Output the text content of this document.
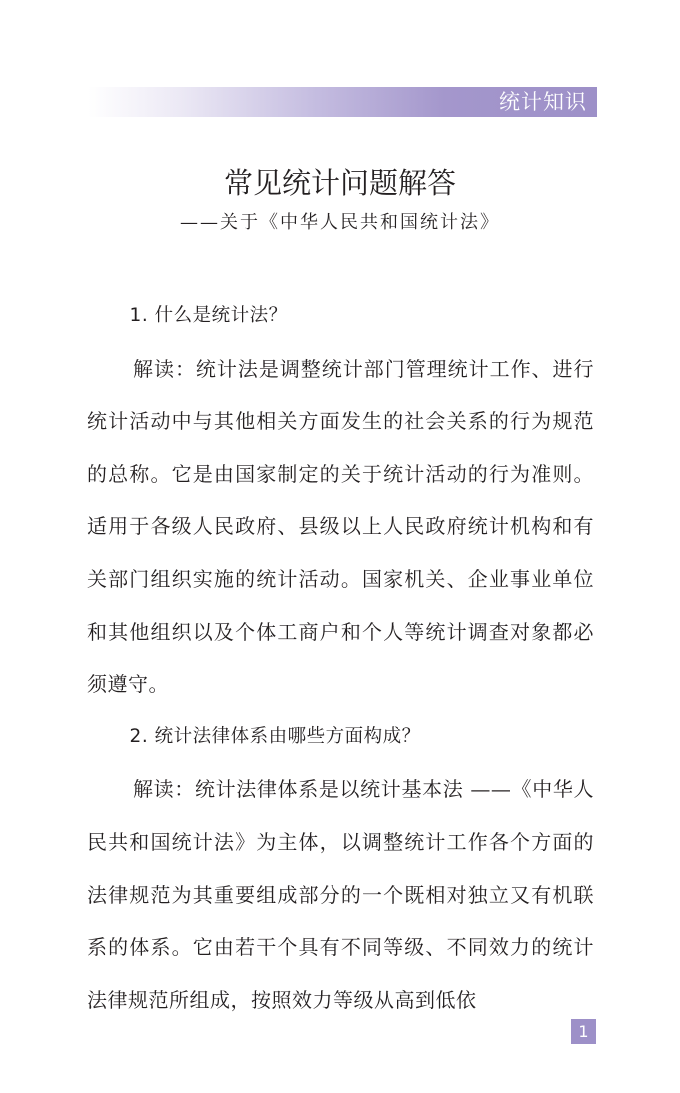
统计知识
常见统计问题解答
——关于《中华人民共和国统计法》

1. 什么是统计法？

解读：统计法是调整统计部门管理统计工作、进行统计活动中与其他相关方面发生的社会关系的行为规范的总称。它是由国家制定的关于统计活动的行为准则。适用于各级人民政府、县级以上人民政府统计机构和有关部门组织实施的统计活动。国家机关、企业事业单位和其他组织以及个体工商户和个人等统计调查对象都必须遵守。

2. 统计法律体系由哪些方面构成？

解读：统计法律体系是以统计基本法 ——《中华人民共和国统计法》为主体，以调整统计工作各个方面的法律规范为其重要组成部分的一个既相对独立又有机联系的体系。它由若干个具有不同等级、不同效力的统计法律规范所组成，按照效力等级从高到低依

1
